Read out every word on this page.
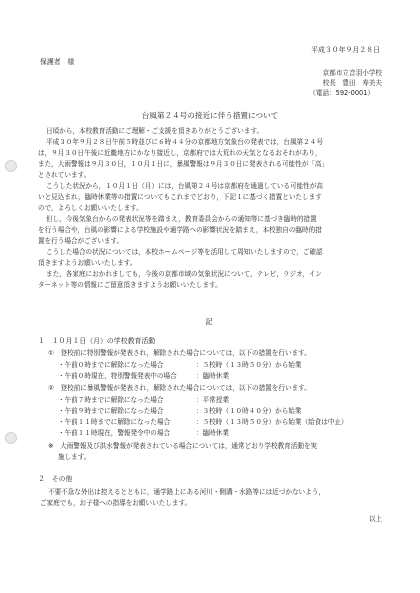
平成３０年９月２８日
保護者　様
京都市立音羽小学校
校長　豊田　寿美夫
（電話：592-0001）
台風第２４号の接近に伴う措置について
日頃から，本校教育活動にご理解・ご支援を頂きありがとうございます。
平成３０年９月２８日午前５時並びに６時４４分の京都地方気象台の発表では，台風第２４号
は，９月３０日午後に近畿地方にかなり接近し，京都府では大荒れの天気となるおそれがあり，
また，大雨警報は９月３０日，１０月１日に，暴風警報は９月３０日に発表される可能性が「高」
とされています。
こうした状況から，１０月１日（月）には，台風第２４号は京都府を通過している可能性が高
いと見込まれ，臨時休業等の措置についてもこれまでどおり，下記１に基づく措置といたします
ので，よろしくお願いいたします。
但し，今後気象台からの発表状況等を踏まえ，教育委員会からの通知等に基づき臨時的措置
を行う場合や，台風の影響による学校施設や通学路への影響状況を踏まえ，本校独自の臨時的措
置を行う場合がございます。
こうした場合の状況については，本校ホームページ等を活用して周知いたしますので，ご確認
頂きますようお願いいたします。
また，各家庭におかれましても，今後の京都市域の気象状況について，テレビ，ラジオ，イン
ターネット等の情報にご留意頂きますようお願いいたします。
記
１　１０月１日（月）の学校教育活動
①　登校前に特別警報が発表され，解除された場合については，以下の措置を行います。
・午前０時までに解除になった場合	：５校時（１３時５０分）から始業
・午前０時現在，特別警報発表中の場合	：臨時休業
②　登校前に暴風警報が発表され，解除された場合については，以下の措置を行います。
・午前７時までに解除になった場合	：平常授業
・午前９時までに解除になった場合	：３校時（１０時４０分）から始業
・午前１１時までに解除になった場合	：５校時（１３時５０分）から始業（給食は中止）
・午前１１時現在，警報発令中の場合	：臨時休業
※　大雨警報及び洪水警報が発表されている場合については，通常どおり学校教育活動を実
施します。
２　その他
不要不急な外出は控えるとともに，通学路上にある河川・側溝・水路等には近づかないよう，
ご家庭でも，お子様への指導をお願いいたします。
以上
